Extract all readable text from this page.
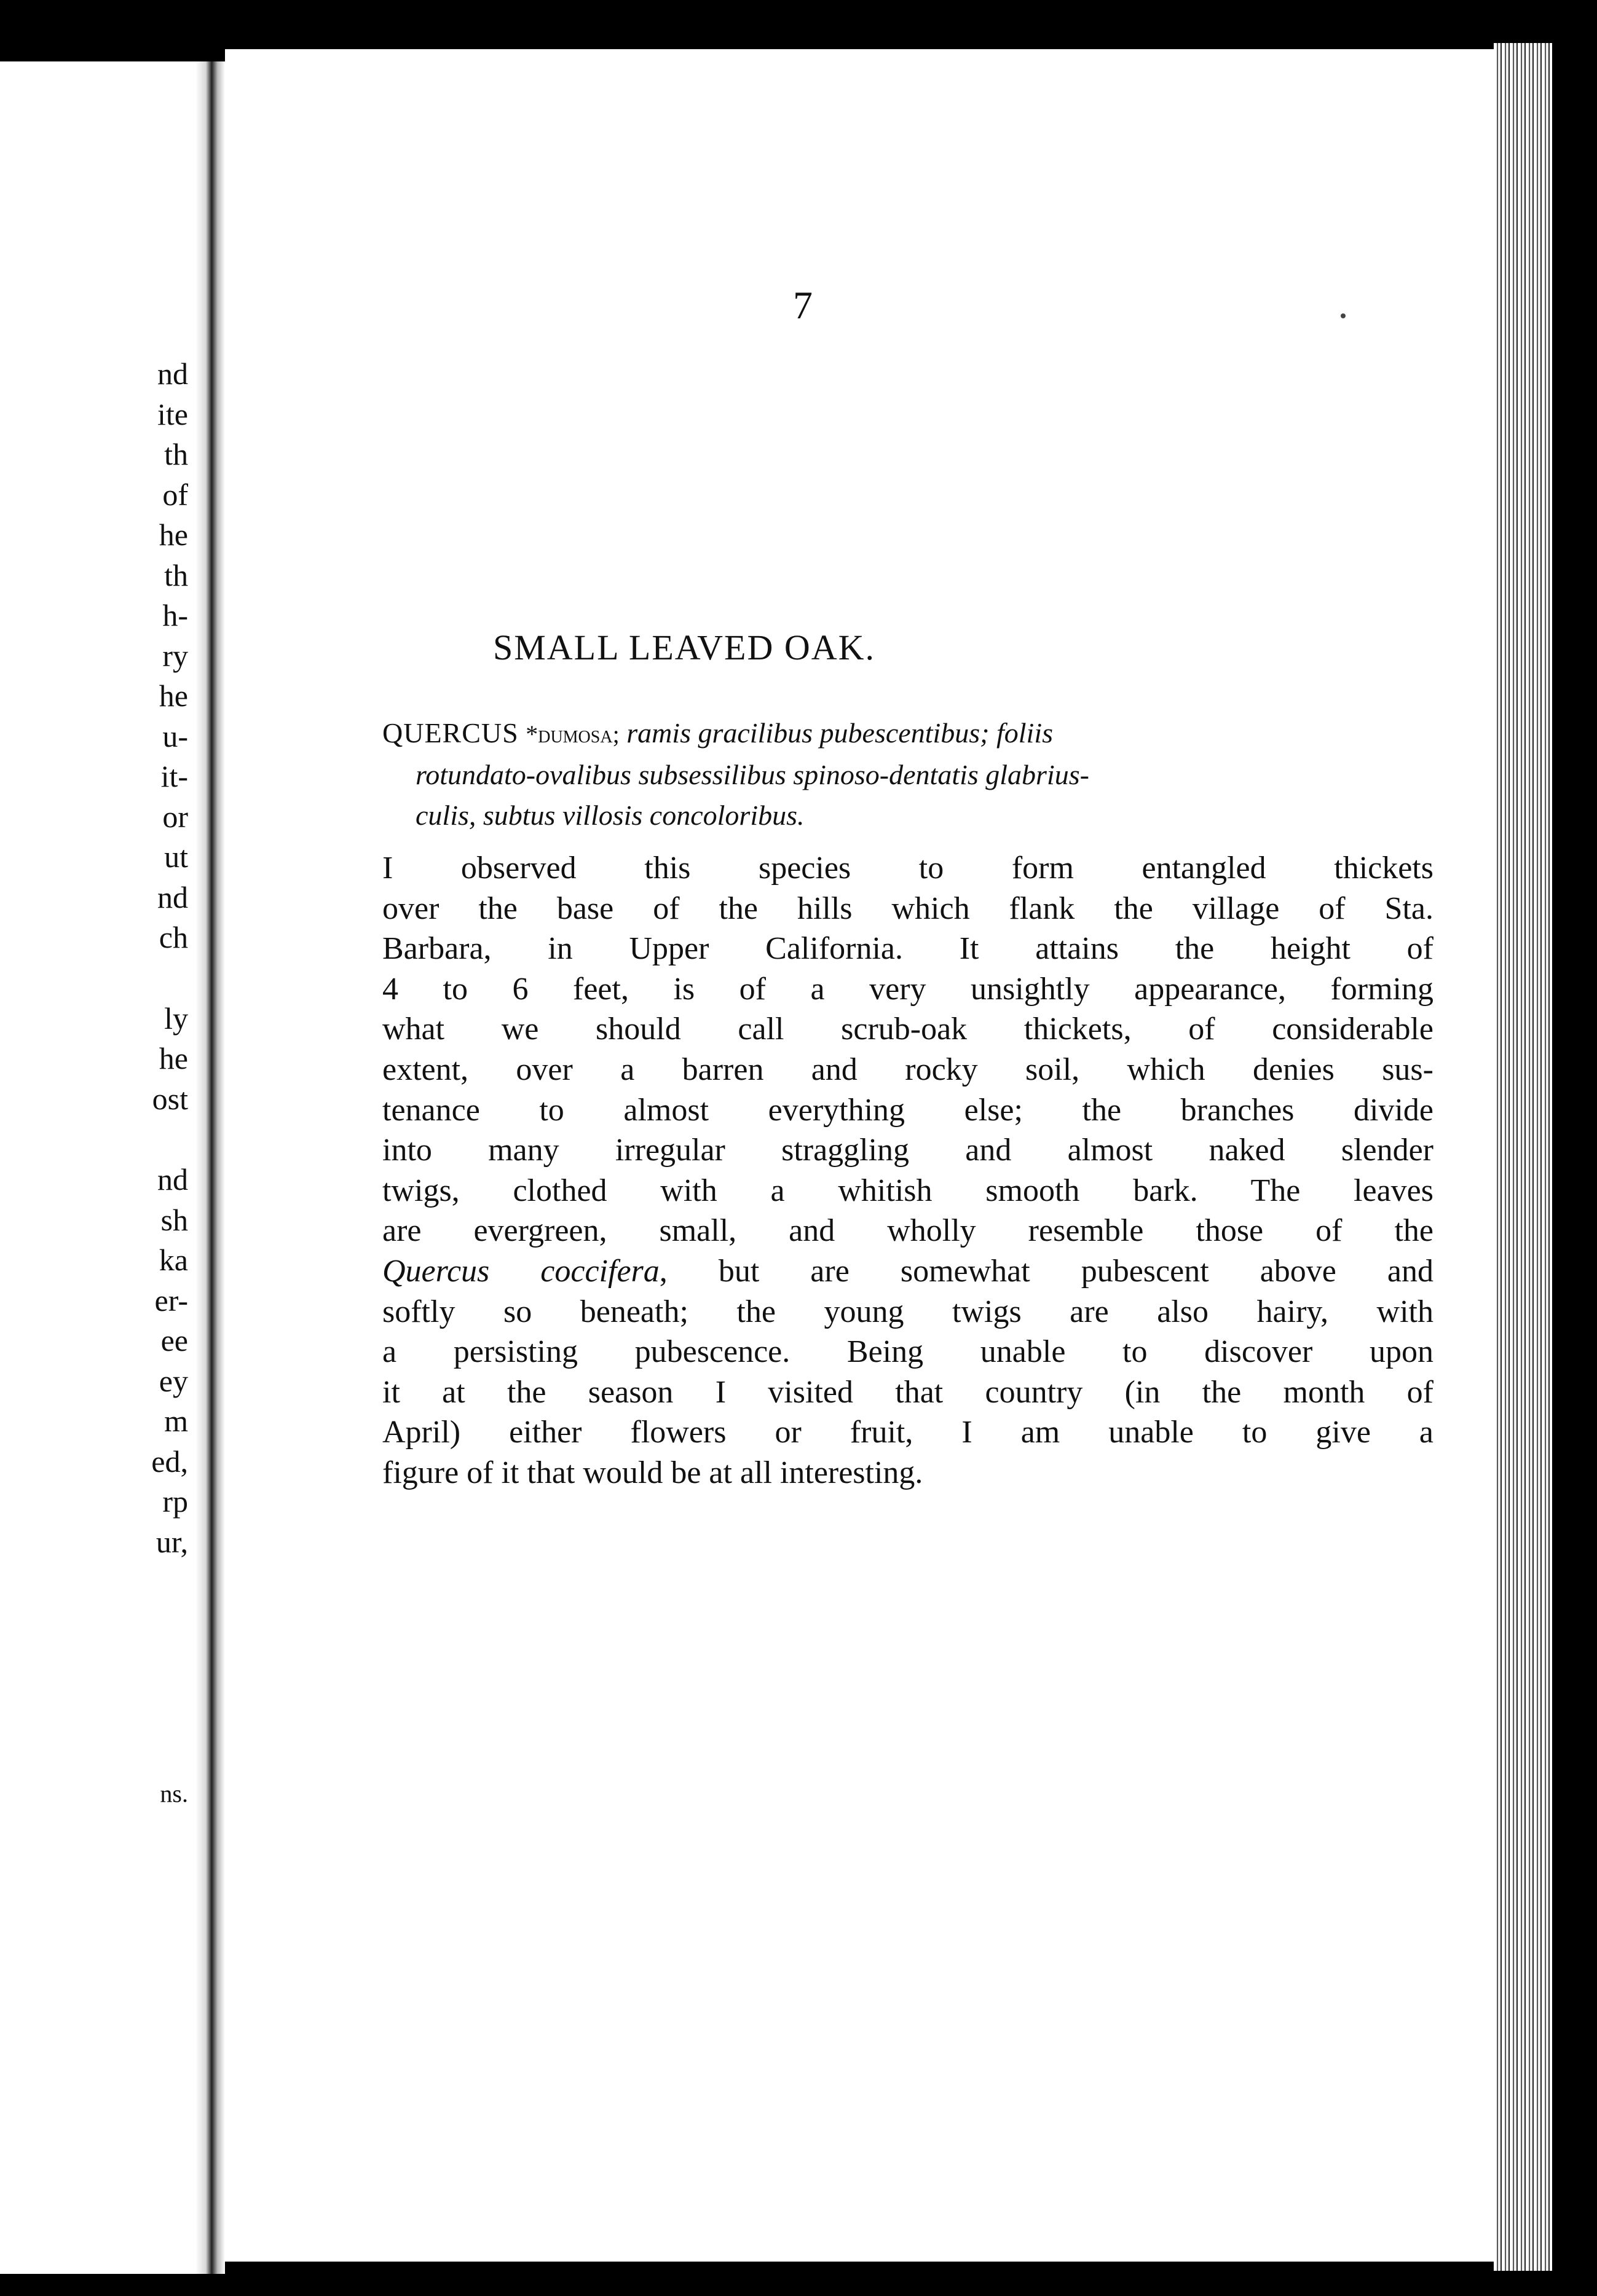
nd
ite
th
of
he
th
h-
ry
he
u-
it-
or
ut
nd
ch

ly
he
ost

nd
sh
ka
er-
ee
ey
m
ed,
rp
ur,
ns.
7
SMALL LEAVED OAK.
QUERCUS *dumosa; ramis gracilibus pubescentibus; foliis
rotundato-ovalibus subsessilibus spinoso-dentatis glabrius-
culis, subtus villosis concoloribus.
I observed this species to form entangled thickets
over the base of the hills which flank the village of Sta.
Barbara, in Upper California. It attains the height of
4 to 6 feet, is of a very unsightly appearance, forming
what we should call scrub-oak thickets, of considerable
extent, over a barren and rocky soil, which denies sus-
tenance to almost everything else; the branches divide
into many irregular straggling and almost naked slender
twigs, clothed with a whitish smooth bark. The leaves
are evergreen, small, and wholly resemble those of the
Quercus coccifera, but are somewhat pubescent above and
softly so beneath; the young twigs are also hairy, with
a persisting pubescence. Being unable to discover upon
it at the season I visited that country (in the month of
April) either flowers or fruit, I am unable to give a
figure of it that would be at all interesting.
